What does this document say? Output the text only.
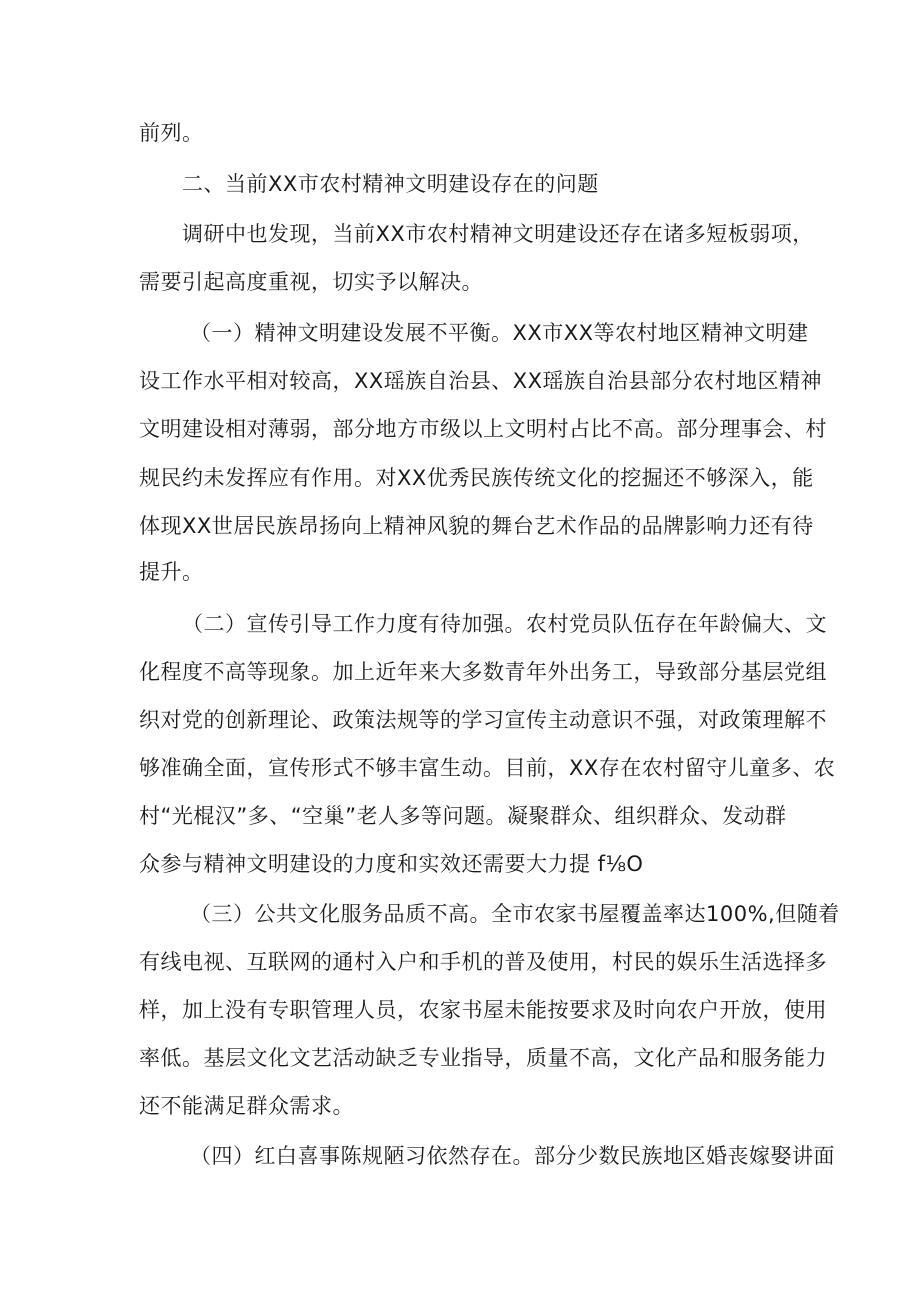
前列。
二、当前XX市农村精神文明建设存在的问题
调研中也发现，当前XX市农村精神文明建设还存在诸多短板弱项，
需要引起高度重视，切实予以解决。
（一）精神文明建设发展不平衡。XX市XX等农村地区精神文明建
设工作水平相对较高，XX瑶族自治县、XX瑶族自治县部分农村地区精神
文明建设相对薄弱，部分地方市级以上文明村占比不高。部分理事会、村
规民约未发挥应有作用。对XX优秀民族传统文化的挖掘还不够深入，能
体现XX世居民族昂扬向上精神风貌的舞台艺术作品的品牌影响力还有待
提升。
（二）宣传引导工作力度有待加强。农村党员队伍存在年龄偏大、文
化程度不高等现象。加上近年来大多数青年外出务工，导致部分基层党组
织对党的创新理论、政策法规等的学习宣传主动意识不强，对政策理解不
够准确全面，宣传形式不够丰富生动。目前，XX存在农村留守儿童多、农
村“光棍汉”多、“空巢”老人多等问题。凝聚群众、组织群众、发动群
众参与精神文明建设的力度和实效还需要大力提 f⅛O
（三）公共文化服务品质不高。全市农家书屋覆盖率达100%,但随着
有线电视、互联网的通村入户和手机的普及使用，村民的娱乐生活选择多
样，加上没有专职管理人员，农家书屋未能按要求及时向农户开放，使用
率低。基层文化文艺活动缺乏专业指导，质量不高，文化产品和服务能力
还不能满足群众需求。
（四）红白喜事陈规陋习依然存在。部分少数民族地区婚丧嫁娶讲面
